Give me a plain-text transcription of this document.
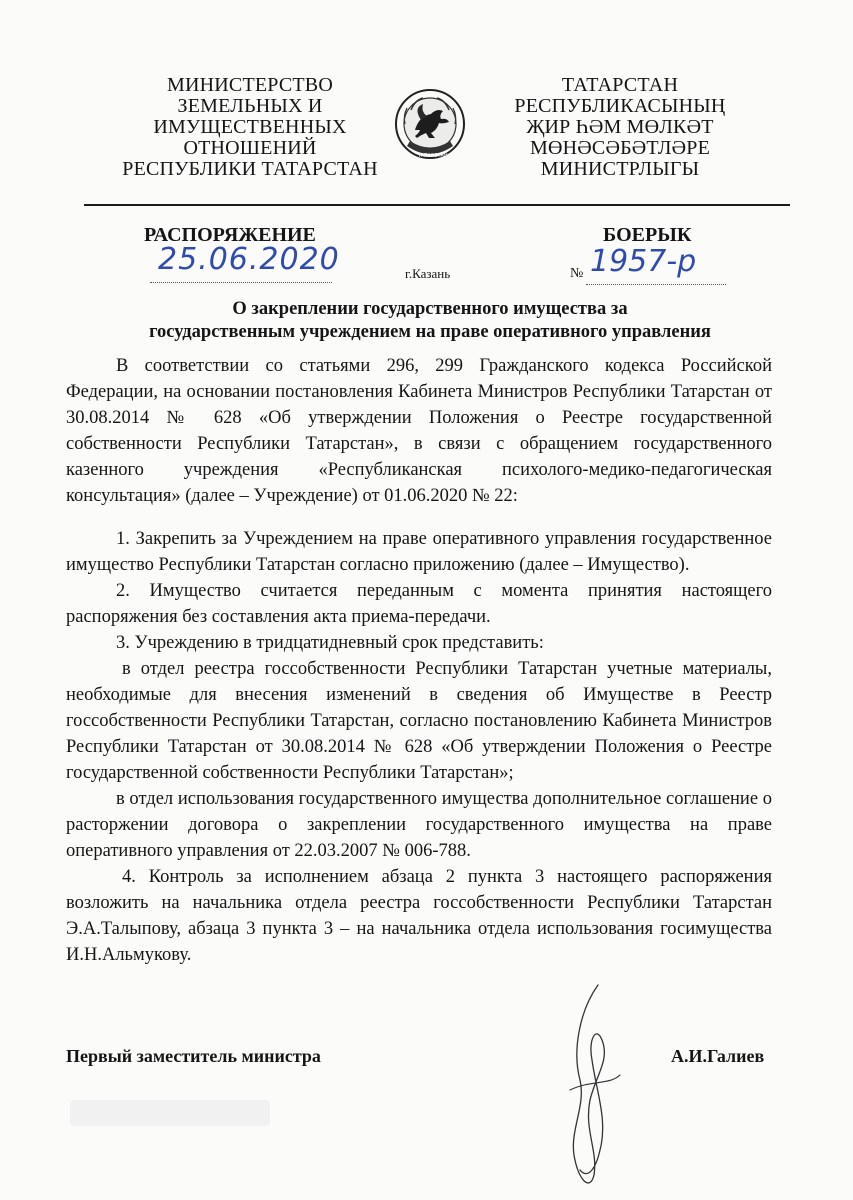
МИНИСТЕРСТВО
ЗЕМЕЛЬНЫХ И
ИМУЩЕСТВЕННЫХ
ОТНОШЕНИЙ
РЕСПУБЛИКИ ТАТАРСТАН
ТАТАРСТАН
ТАТАРСТАН
РЕСПУБЛИКАСЫНЫҢ
ҖИР ҺӘМ МӨЛКӘТ
МӨНӘСӘБӘТЛӘРЕ
МИНИСТРЛЫГЫ
РАСПОРЯЖЕНИЕ	БОЕРЫК
25.06.2020	г.Казань	№ 1957-р
О закреплении государственного имущества за
государственным учреждением на праве оперативного управления

В соответствии со статьями 296, 299 Гражданского кодекса Российской Федерации, на основании постановления Кабинета Министров Республики Татарстан от 30.08.2014 № 628 «Об утверждении Положения о Реестре государственной собственности Республики Татарстан», в связи с обращением государственного казенного учреждения «Республиканская психолого-медико-педагогическая консультация» (далее – Учреждение) от 01.06.2020 № 22:

1. Закрепить за Учреждением на праве оперативного управления государственное имущество Республики Татарстан согласно приложению (далее – Имущество).

2. Имущество считается переданным с момента принятия настоящего распоряжения без составления акта приема-передачи.

3. Учреждению в тридцатидневный срок представить:

в отдел реестра госсобственности Республики Татарстан учетные материалы, необходимые для внесения изменений в сведения об Имуществе в Реестр госсобственности Республики Татарстан, согласно постановлению Кабинета Министров Республики Татарстан от 30.08.2014 № 628 «Об утверждении Положения о Реестре государственной собственности Республики Татарстан»;

в отдел использования государственного имущества дополнительное соглашение о расторжении договора о закреплении государственного имущества на праве оперативного управления от 22.03.2007 № 006-788.

4. Контроль за исполнением абзаца 2 пункта 3 настоящего распоряжения возложить на начальника отдела реестра госсобственности Республики Татарстан Э.А.Талыпову, абзаца 3 пункта 3 – на начальника отдела использования госимущества И.Н.Альмукову.

Первый заместитель министра	А.И.Галиев
